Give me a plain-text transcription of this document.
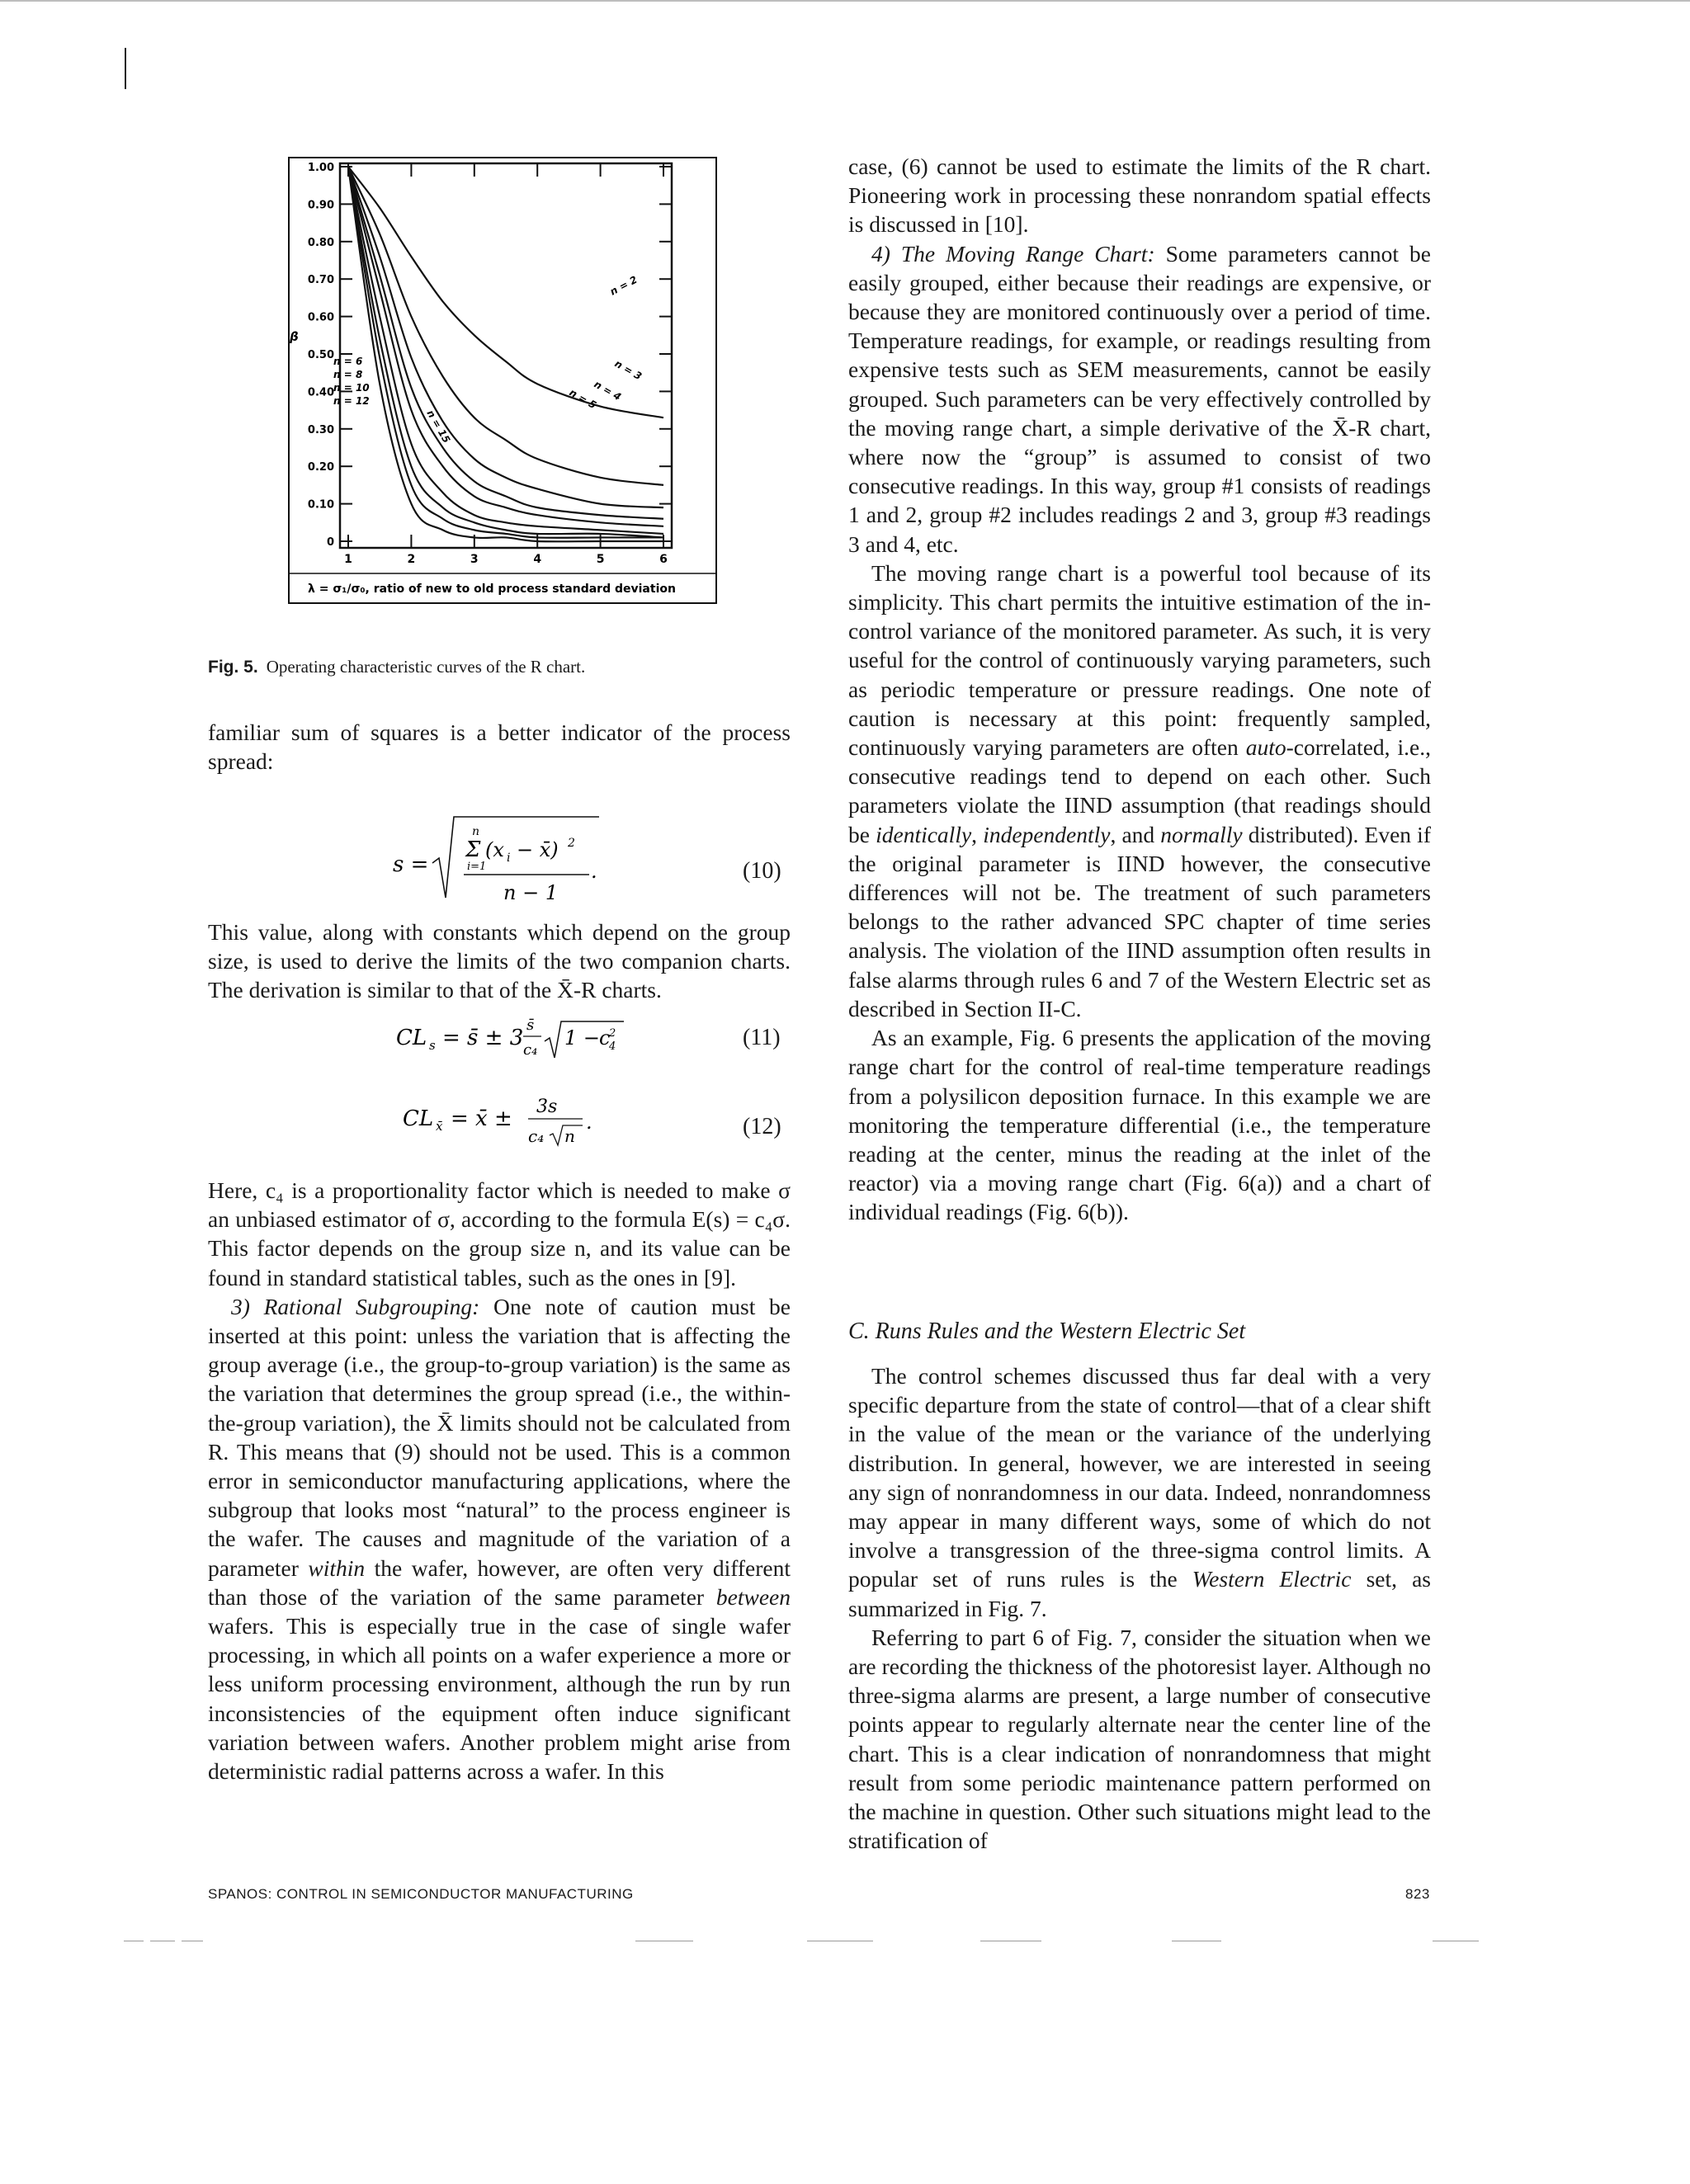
β
λ = σ₁/σ₀, ratio of new to old process standard deviation
0
0.10
0.20
0.30
0.40
0.50
0.60
0.70
0.80
0.90
1.00
1	2	3	4	5	6
n = 2
n = 3
n = 4
n = 5
n = 6
n = 8
n = 10
n = 12
n = 15
Fig. 5. Operating characteristic curves of the R chart.

familiar sum of squares is a better indicator of the process spread:

s =
n
Σ (x i − x̄) 2
i=1
n − 1
.	(10)

This value, along with constants which depend on the group size, is used to derive the limits of the two companion charts. The derivation is similar to that of the X̄-R charts.

CL s = s̄ ± 3
s̄
c₄
1 −
c
2
4	(11)
CL x̄ = x̄ ± 3s
c₄ n
.	(12)

Here, c₄ is a proportionality factor which is needed to make σ an unbiased estimator of σ, according to the formula E(s) = c₄σ. This factor depends on the group size n, and its value can be found in standard statistical tables, such as the ones in [9].

3) Rational Subgrouping: One note of caution must be inserted at this point: unless the variation that is affecting the group average (i.e., the group-to-group variation) is the same as the variation that determines the group spread (i.e., the within-the-group variation), the X̄ limits should not be calculated from R. This means that (9) should not be used. This is a common error in semiconductor manufacturing applications, where the subgroup that looks most “natural” to the process engineer is the wafer. The causes and magnitude of the variation of a parameter within the wafer, however, are often very different than those of the variation of the same parameter between wafers. This is especially true in the case of single wafer processing, in which all points on a wafer experience a more or less uniform processing environment, although the run by run inconsistencies of the equipment often induce significant variation between wafers. Another problem might arise from deterministic radial patterns across a wafer. In this

case, (6) cannot be used to estimate the limits of the R chart. Pioneering work in processing these nonrandom spatial effects is discussed in [10].

4) The Moving Range Chart: Some parameters cannot be easily grouped, either because their readings are expensive, or because they are monitored continuously over a period of time. Temperature readings, for example, or readings resulting from expensive tests such as SEM measurements, cannot be easily grouped. Such parameters can be very effectively controlled by the moving range chart, a simple derivative of the X̄-R chart, where now the “group” is assumed to consist of two consecutive readings. In this way, group #1 consists of readings 1 and 2, group #2 includes readings 2 and 3, group #3 readings 3 and 4, etc.

The moving range chart is a powerful tool because of its simplicity. This chart permits the intuitive estimation of the in-control variance of the monitored parameter. As such, it is very useful for the control of continuously varying parameters, such as periodic temperature or pressure readings. One note of caution is necessary at this point: frequently sampled, continuously varying parameters are often auto-correlated, i.e., consecutive readings tend to depend on each other. Such parameters violate the IIND assumption (that readings should be identically, independently, and normally distributed). Even if the original parameter is IIND however, the consecutive differences will not be. The treatment of such parameters belongs to the rather advanced SPC chapter of time series analysis. The violation of the IIND assumption often results in false alarms through rules 6 and 7 of the Western Electric set as described in Section II-C.

As an example, Fig. 6 presents the application of the moving range chart for the control of real-time temperature readings from a polysilicon deposition furnace. In this example we are monitoring the temperature differential (i.e., the temperature reading at the center, minus the reading at the inlet of the reactor) via a moving range chart (Fig. 6(a)) and a chart of individual readings (Fig. 6(b)).

C. Runs Rules and the Western Electric Set

The control schemes discussed thus far deal with a very specific departure from the state of control—that of a clear shift in the value of the mean or the variance of the underlying distribution. In general, however, we are interested in seeing any sign of nonrandomness in our data. Indeed, nonrandomness may appear in many different ways, some of which do not involve a transgression of the three-sigma control limits. A popular set of runs rules is the Western Electric set, as summarized in Fig. 7.

Referring to part 6 of Fig. 7, consider the situation when we are recording the thickness of the photoresist layer. Although no three-sigma alarms are present, a large number of consecutive points appear to regularly alternate near the center line of the chart. This is a clear indication of nonrandomness that might result from some periodic maintenance pattern performed on the machine in question. Other such situations might lead to the stratification of

SPANOS: CONTROL IN SEMICONDUCTOR MANUFACTURING	823
